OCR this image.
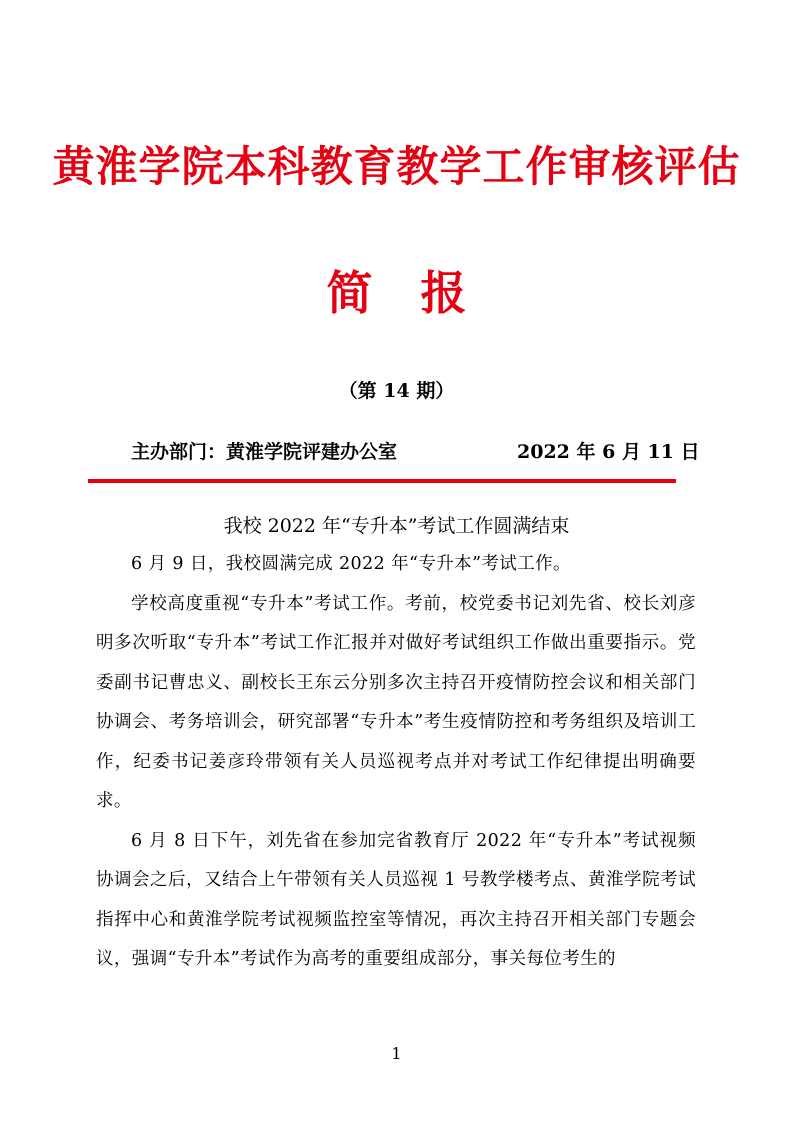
黄淮学院本科教育教学工作审核评估
简 报
（第 14 期）
主办部门：黄淮学院评建办公室	2022 年 6 月 11 日
我校 2022 年“专升本”考试工作圆满结束

6 月 9 日，我校圆满完成 2022 年“专升本”考试工作。

学校高度重视“专升本”考试工作。考前，校党委书记刘先省、校长刘彦明多次听取“专升本”考试工作汇报并对做好考试组织工作做出重要指示。党委副书记曹忠义、副校长王东云分别多次主持召开疫情防控会议和相关部门协调会、考务培训会，研究部署“专升本”考生疫情防控和考务组织及培训工作，纪委书记姜彦玲带领有关人员巡视考点并对考试工作纪律提出明确要求。

6 月 8 日下午，刘先省在参加完省教育厅 2022 年“专升本”考试视频协调会之后，又结合上午带领有关人员巡视 1 号教学楼考点、黄淮学院考试指挥中心和黄淮学院考试视频监控室等情况，再次主持召开相关部门专题会议，强调“专升本”考试作为高考的重要组成部分，事关每位考生的

1
